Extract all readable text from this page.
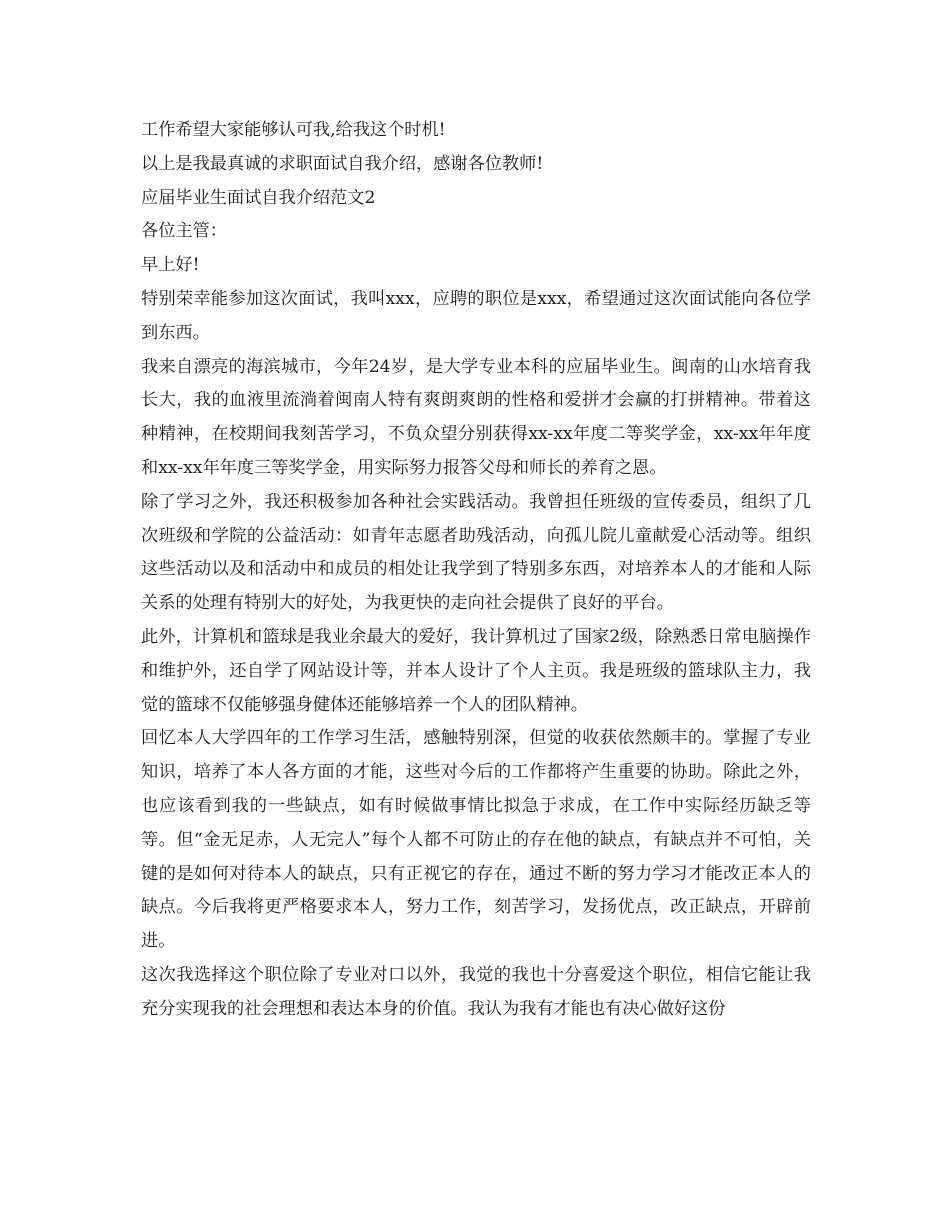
工作希望大家能够认可我,给我这个时机!

以上是我最真诚的求职面试自我介绍，感谢各位教师!

应届毕业生面试自我介绍范文2

各位主管：

早上好!

特别荣幸能参加这次面试，我叫xxx，应聘的职位是xxx，希望通过这次面试能向各位学到东西。

我来自漂亮的海滨城市，今年24岁，是大学专业本科的应届毕业生。闽南的山水培育我长大，我的血液里流淌着闽南人特有爽朗爽朗的性格和爱拼才会赢的打拼精神。带着这种精神，在校期间我刻苦学习，不负众望分别获得xx-xx年度二等奖学金，xx-xx年年度和xx-xx年年度三等奖学金，用实际努力报答父母和师长的养育之恩。

除了学习之外，我还积极参加各种社会实践活动。我曾担任班级的宣传委员，组织了几次班级和学院的公益活动：如青年志愿者助残活动，向孤儿院儿童献爱心活动等。组织这些活动以及和活动中和成员的相处让我学到了特别多东西，对培养本人的才能和人际关系的处理有特别大的好处，为我更快的走向社会提供了良好的平台。

此外，计算机和篮球是我业余最大的爱好，我计算机过了国家2级，除熟悉日常电脑操作和维护外，还自学了网站设计等，并本人设计了个人主页。我是班级的篮球队主力，我觉的篮球不仅能够强身健体还能够培养一个人的团队精神。

回忆本人大学四年的工作学习生活，感触特别深，但觉的收获依然颇丰的。掌握了专业知识，培养了本人各方面的才能，这些对今后的工作都将产生重要的协助。除此之外，也应该看到我的一些缺点，如有时候做事情比拟急于求成，在工作中实际经历缺乏等等。但“金无足赤，人无完人”每个人都不可防止的存在他的缺点，有缺点并不可怕，关键的是如何对待本人的缺点，只有正视它的存在，通过不断的努力学习才能改正本人的缺点。今后我将更严格要求本人，努力工作，刻苦学习，发扬优点，改正缺点，开辟前进。

这次我选择这个职位除了专业对口以外，我觉的我也十分喜爱这个职位，相信它能让我充分实现我的社会理想和表达本身的价值。我认为我有才能也有决心做好这份
